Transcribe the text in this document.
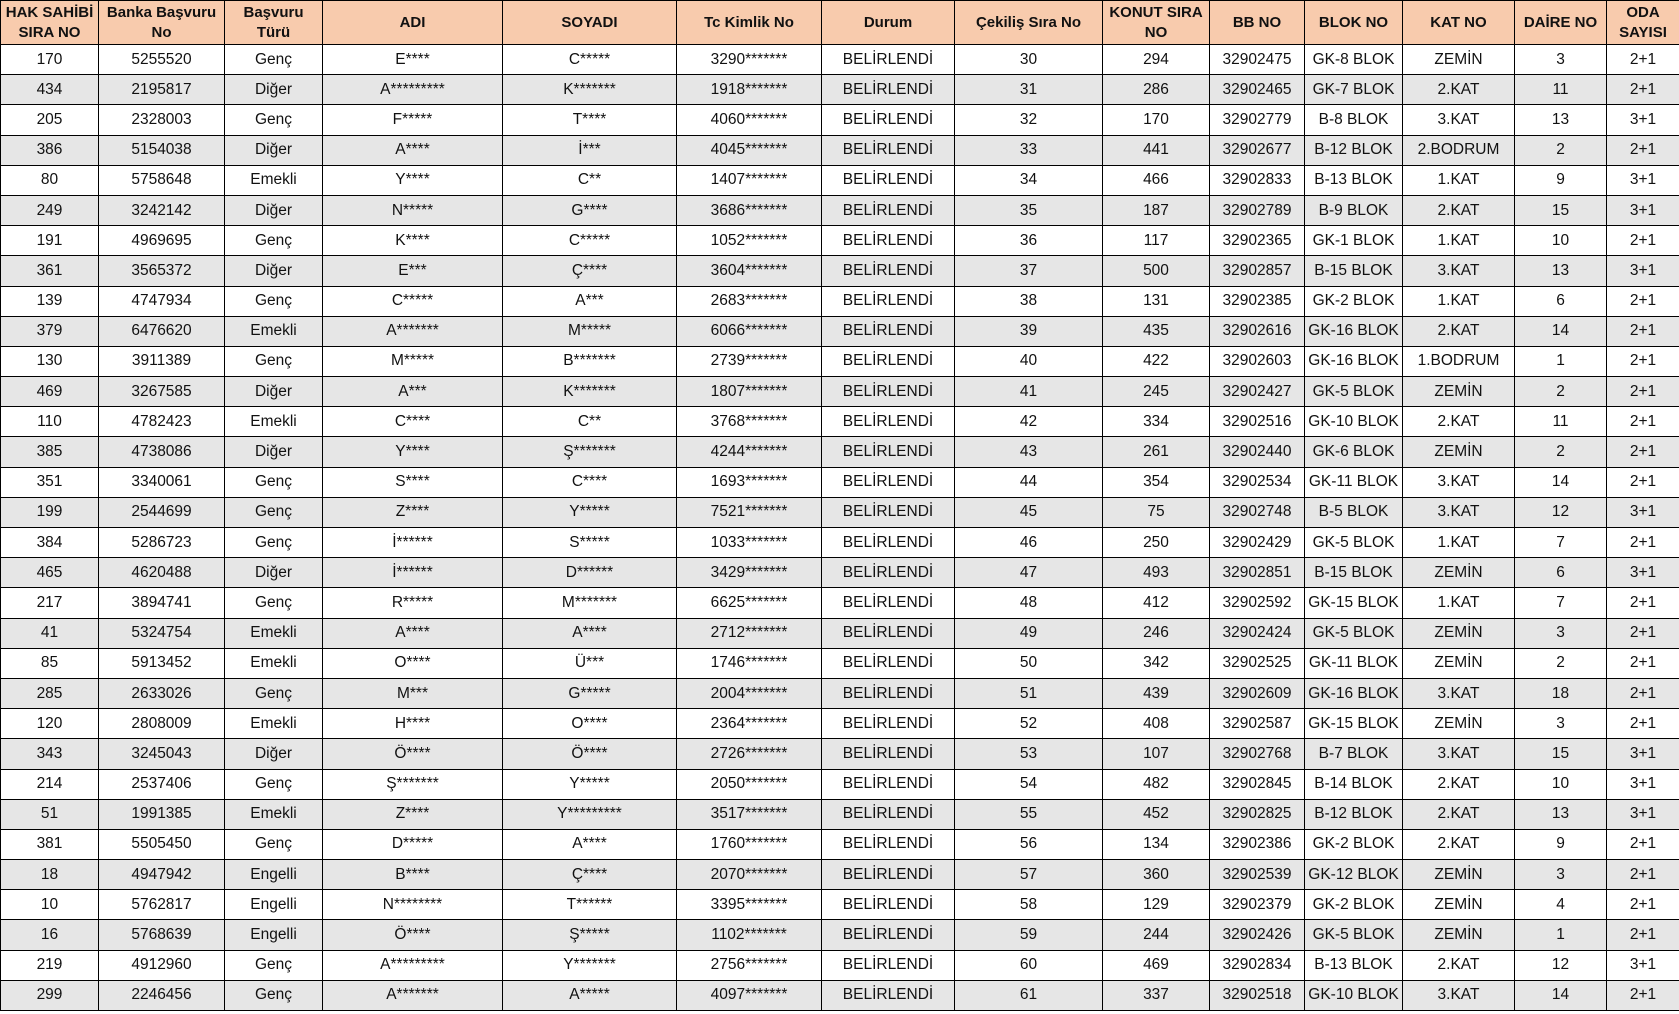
HAK SAHİBİ SIRA NO	Banka Başvuru No	Başvuru Türü	ADI	SOYADI	Tc Kimlik No	Durum	Çekiliş Sıra No	KONUT SIRA NO	BB NO	BLOK NO	KAT NO	DAİRE NO	ODA SAYISI
170	5255520	Genç	E****	C*****	3290*******	BELİRLENDİ	30	294	32902475	GK-8 BLOK	ZEMİN	3	2+1
434	2195817	Diğer	A*********	K*******	1918*******	BELİRLENDİ	31	286	32902465	GK-7 BLOK	2.KAT	11	2+1
205	2328003	Genç	F*****	T****	4060*******	BELİRLENDİ	32	170	32902779	B-8 BLOK	3.KAT	13	3+1
386	5154038	Diğer	A****	İ***	4045*******	BELİRLENDİ	33	441	32902677	B-12 BLOK	2.BODRUM	2	2+1
80	5758648	Emekli	Y****	C**	1407*******	BELİRLENDİ	34	466	32902833	B-13 BLOK	1.KAT	9	3+1
249	3242142	Diğer	N*****	G****	3686*******	BELİRLENDİ	35	187	32902789	B-9 BLOK	2.KAT	15	3+1
191	4969695	Genç	K****	C*****	1052*******	BELİRLENDİ	36	117	32902365	GK-1 BLOK	1.KAT	10	2+1
361	3565372	Diğer	E***	Ç****	3604*******	BELİRLENDİ	37	500	32902857	B-15 BLOK	3.KAT	13	3+1
139	4747934	Genç	C*****	A***	2683*******	BELİRLENDİ	38	131	32902385	GK-2 BLOK	1.KAT	6	2+1
379	6476620	Emekli	A*******	M*****	6066*******	BELİRLENDİ	39	435	32902616	GK-16 BLOK	2.KAT	14	2+1
130	3911389	Genç	M*****	B*******	2739*******	BELİRLENDİ	40	422	32902603	GK-16 BLOK	1.BODRUM	1	2+1
469	3267585	Diğer	A***	K*******	1807*******	BELİRLENDİ	41	245	32902427	GK-5 BLOK	ZEMİN	2	2+1
110	4782423	Emekli	C****	C**	3768*******	BELİRLENDİ	42	334	32902516	GK-10 BLOK	2.KAT	11	2+1
385	4738086	Diğer	Y****	Ş*******	4244*******	BELİRLENDİ	43	261	32902440	GK-6 BLOK	ZEMİN	2	2+1
351	3340061	Genç	S****	C****	1693*******	BELİRLENDİ	44	354	32902534	GK-11 BLOK	3.KAT	14	2+1
199	2544699	Genç	Z****	Y*****	7521*******	BELİRLENDİ	45	75	32902748	B-5 BLOK	3.KAT	12	3+1
384	5286723	Genç	İ******	S*****	1033*******	BELİRLENDİ	46	250	32902429	GK-5 BLOK	1.KAT	7	2+1
465	4620488	Diğer	İ******	D******	3429*******	BELİRLENDİ	47	493	32902851	B-15 BLOK	ZEMİN	6	3+1
217	3894741	Genç	R*****	M*******	6625*******	BELİRLENDİ	48	412	32902592	GK-15 BLOK	1.KAT	7	2+1
41	5324754	Emekli	A****	A****	2712*******	BELİRLENDİ	49	246	32902424	GK-5 BLOK	ZEMİN	3	2+1
85	5913452	Emekli	O****	Ü***	1746*******	BELİRLENDİ	50	342	32902525	GK-11 BLOK	ZEMİN	2	2+1
285	2633026	Genç	M***	G*****	2004*******	BELİRLENDİ	51	439	32902609	GK-16 BLOK	3.KAT	18	2+1
120	2808009	Emekli	H****	O****	2364*******	BELİRLENDİ	52	408	32902587	GK-15 BLOK	ZEMİN	3	2+1
343	3245043	Diğer	Ö****	Ö****	2726*******	BELİRLENDİ	53	107	32902768	B-7 BLOK	3.KAT	15	3+1
214	2537406	Genç	Ş*******	Y*****	2050*******	BELİRLENDİ	54	482	32902845	B-14 BLOK	2.KAT	10	3+1
51	1991385	Emekli	Z****	Y*********	3517*******	BELİRLENDİ	55	452	32902825	B-12 BLOK	2.KAT	13	3+1
381	5505450	Genç	D*****	A****	1760*******	BELİRLENDİ	56	134	32902386	GK-2 BLOK	2.KAT	9	2+1
18	4947942	Engelli	B****	Ç****	2070*******	BELİRLENDİ	57	360	32902539	GK-12 BLOK	ZEMİN	3	2+1
10	5762817	Engelli	N********	T******	3395*******	BELİRLENDİ	58	129	32902379	GK-2 BLOK	ZEMİN	4	2+1
16	5768639	Engelli	Ö****	Ş*****	1102*******	BELİRLENDİ	59	244	32902426	GK-5 BLOK	ZEMİN	1	2+1
219	4912960	Genç	A*********	Y*******	2756*******	BELİRLENDİ	60	469	32902834	B-13 BLOK	2.KAT	12	3+1
299	2246456	Genç	A*******	A*****	4097*******	BELİRLENDİ	61	337	32902518	GK-10 BLOK	3.KAT	14	2+1
